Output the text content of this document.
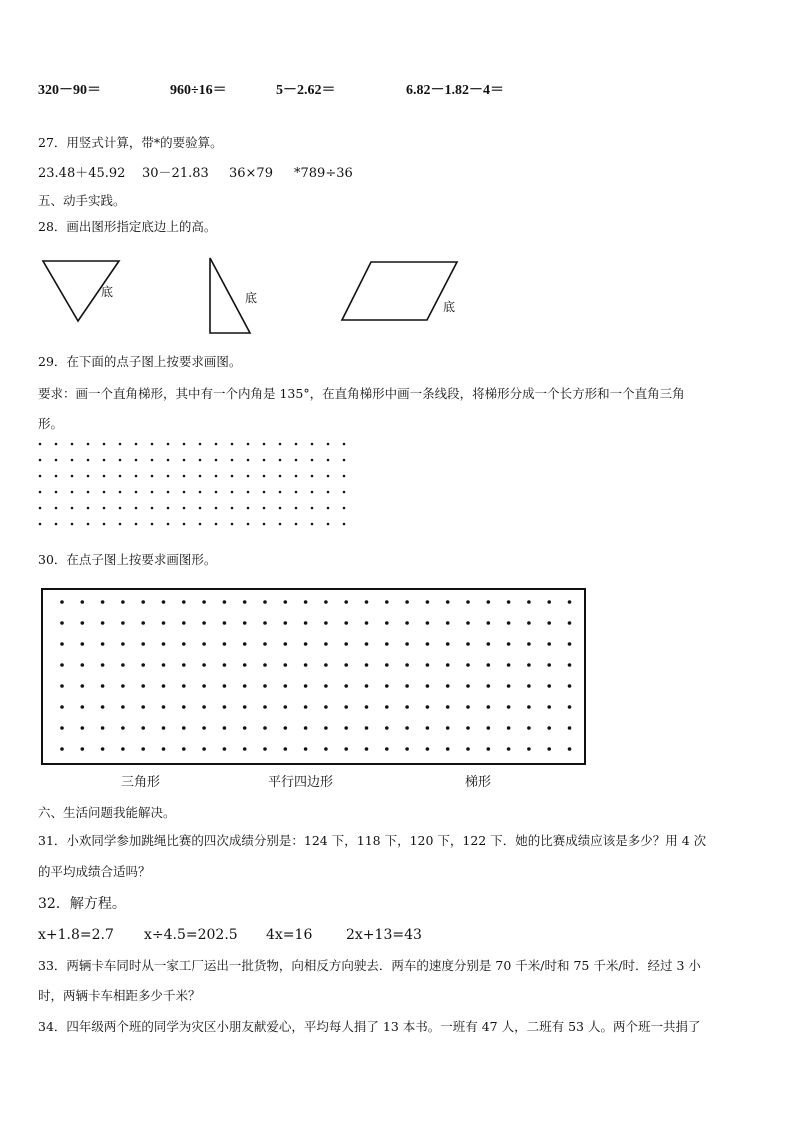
320－90＝	960÷16＝	5－2.62＝	6.82－1.82－4＝
27．用竖式计算，带*的要验算。
23.48＋45.92 30－21.83 36×79 *789÷36
五、动手实践。
28．画出图形指定底边上的高。
底	底
底
29．在下面的点子图上按要求画图。
要求：画一个直角梯形，其中有一个内角是 135°，在直角梯形中画一条线段，将梯形分成一个长方形和一个直角三角
形。
30．在点子图上按要求画图形。
三角形	平行四边形	梯形
六、生活问题我能解决。
31．小欢同学参加跳绳比赛的四次成绩分别是：124 下，118 下，120 下，122 下．她的比赛成绩应该是多少？用 4 次
的平均成绩合适吗？
32．解方程。
x+1.8=2.7 x÷4.5=202.5 4x=16 2x+13=43
33．两辆卡车同时从一家工厂运出一批货物，向相反方向驶去．两车的速度分别是 70 千米/时和 75 千米/时．经过 3 小
时，两辆卡车相距多少千米？
34．四年级两个班的同学为灾区小朋友献爱心，平均每人捐了 13 本书。一班有 47 人，二班有 53 人。两个班一共捐了
